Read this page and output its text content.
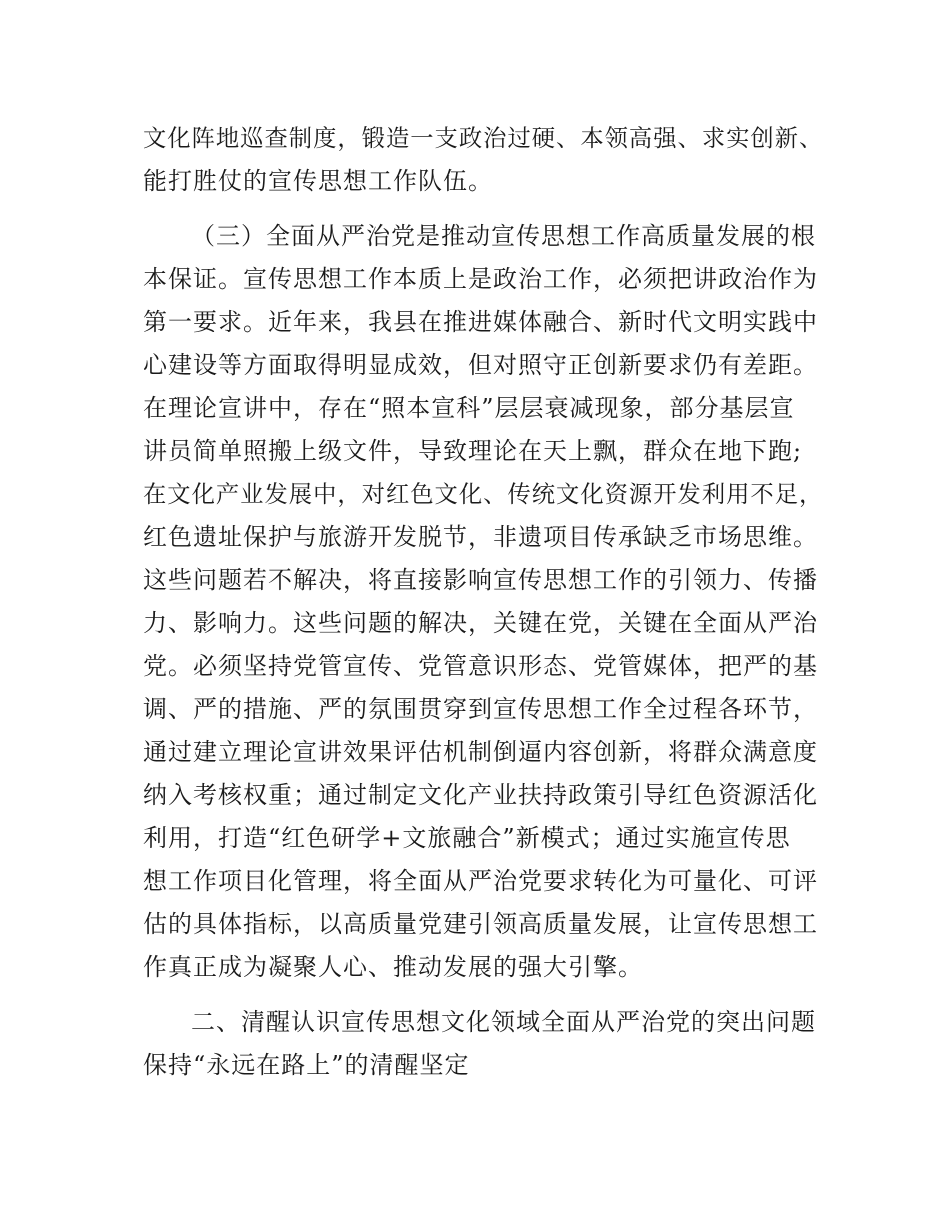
文化阵地巡查制度，锻造一支政治过硬、本领高强、求实创新、
能打胜仗的宣传思想工作队伍。
（三）全面从严治党是推动宣传思想工作高质量发展的根
本保证。宣传思想工作本质上是政治工作，必须把讲政治作为
第一要求。近年来，我县在推进媒体融合、新时代文明实践中
心建设等方面取得明显成效，但对照守正创新要求仍有差距。
在理论宣讲中，存在“照本宣科”层层衰减现象，部分基层宣
讲员简单照搬上级文件，导致理论在天上飘，群众在地下跑;
在文化产业发展中，对红色文化、传统文化资源开发利用不足，
红色遗址保护与旅游开发脱节，非遗项目传承缺乏市场思维。
这些问题若不解决，将直接影响宣传思想工作的引领力、传播
力、影响力。这些问题的解决，关键在党，关键在全面从严治
党。必须坚持党管宣传、党管意识形态、党管媒体，把严的基
调、严的措施、严的氛围贯穿到宣传思想工作全过程各环节，
通过建立理论宣讲效果评估机制倒逼内容创新，将群众满意度
纳入考核权重；通过制定文化产业扶持政策引导红色资源活化
利用，打造“红色研学+文旅融合”新模式；通过实施宣传思
想工作项目化管理，将全面从严治党要求转化为可量化、可评
估的具体指标，以高质量党建引领高质量发展，让宣传思想工
作真正成为凝聚人心、推动发展的强大引擎。
二、清醒认识宣传思想文化领域全面从严治党的突出问题
保持“永远在路上”的清醒坚定
